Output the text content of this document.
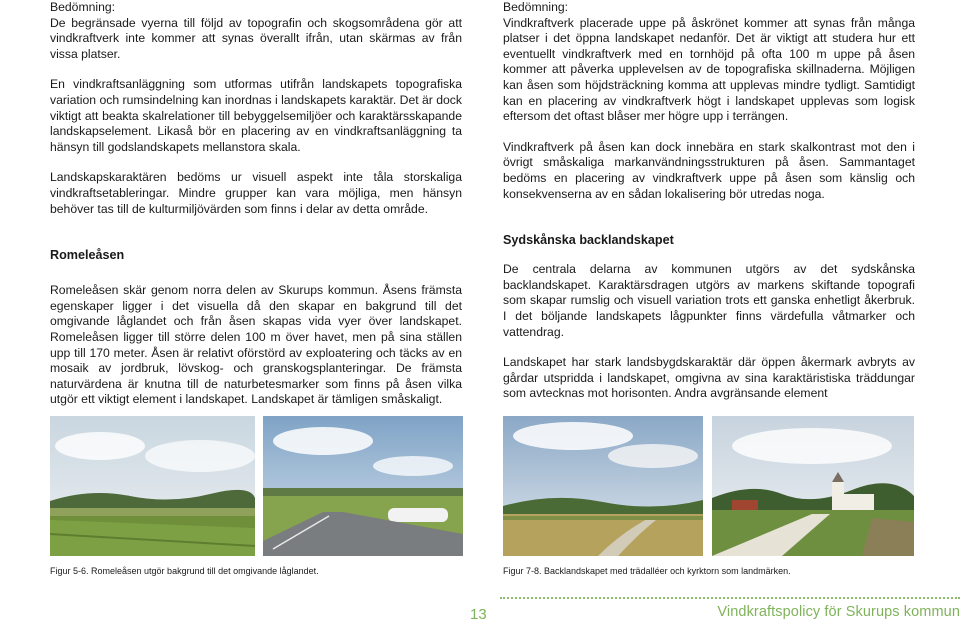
Bedömning:

De begränsade vyerna till följd av topografin och skogsområdena gör att vindkraftverk inte kommer att synas överallt ifrån, utan skärmas av från vissa platser.

En vindkraftsanläggning som utformas utifrån landskapets topografiska variation och rumsindelning kan inordnas i landskapets karaktär. Det är dock viktigt att beakta skalrelationer till bebyggelsemiljöer och karaktärsskapande landskapselement. Likaså bör en placering av en vindkraftsanläggning ta hänsyn till godslandskapets mellanstora skala.

Landskapskaraktären bedöms ur visuell aspekt inte tåla storskaliga vindkraftsetableringar. Mindre grupper kan vara möjliga, men hänsyn behöver tas till de kulturmiljövärden som finns i delar av detta område.

Romeleåsen

Romeleåsen skär genom norra delen av Skurups kommun. Åsens främsta egenskaper ligger i det visuella då den skapar en bakgrund till det omgivande låglandet och från åsen skapas vida vyer över landskapet. Romeleåsen ligger till större delen 100 m över havet, men på sina ställen upp till 170 meter. Åsen är relativt oförstörd av exploatering och täcks av en mosaik av jordbruk, lövskog- och granskogsplanteringar. De främsta naturvärdena är knutna till de naturbetesmarker som finns på åsen vilka utgör ett viktigt element i landskapet. Landskapet är tämligen småskaligt.

Bedömning:

Vindkraftverk placerade uppe på åskrönet kommer att synas från många platser i det öppna landskapet nedanför. Det är viktigt att studera hur ett eventuellt vindkraftverk med en tornhöjd på ofta 100 m uppe på åsen kommer att påverka upplevelsen av de topografiska skillnaderna. Möjligen kan åsen som höjdsträckning komma att upplevas mindre tydligt. Samtidigt kan en placering av vindkraftverk högt i landskapet upplevas som logisk eftersom det oftast blåser mer högre upp i terrängen.

Vindkraftverk på åsen kan dock innebära en stark skalkontrast mot den i övrigt småskaliga markanvändningsstrukturen på åsen. Sammantaget bedöms en placering av vindkraftverk uppe på åsen som känslig och konsekvenserna av en sådan lokalisering bör utredas noga.

Sydskånska backlandskapet

De centrala delarna av kommunen utgörs av det sydskånska backlandskapet. Karaktärsdragen utgörs av markens skiftande topografi som skapar rumslig och visuell variation trots ett ganska enhetligt åkerbruk. I det böljande landskapets lågpunkter finns värdefulla våtmarker och vattendrag.

Landskapet har stark landsbygdskaraktär där öppen åkermark avbryts av gårdar utspridda i landskapet, omgivna av sina karaktäristiska träddungar som avtecknas mot horisonten. Andra avgränsande element

Figur 5-6. Romeleåsen utgör bakgrund till det omgivande låglandet.	Figur 7-8. Backlandskapet med trädalléer och kyrktorn som landmärken.
13	Vindkraftspolicy för Skurups kommun
